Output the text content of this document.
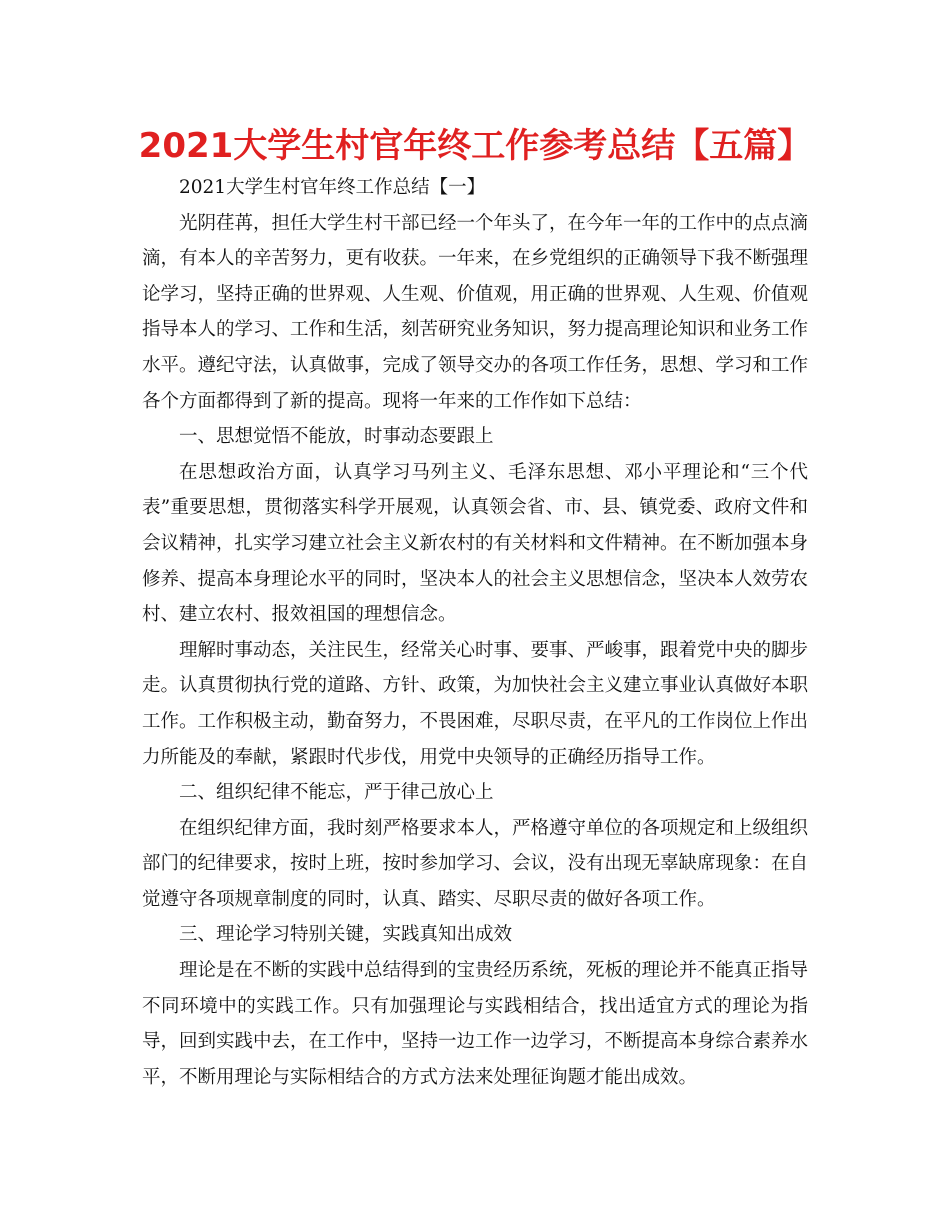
2021大学生村官年终工作参考总结【五篇】

2021大学生村官年终工作总结【一】

光阴荏苒，担任大学生村干部已经一个年头了，在今年一年的工作中的点点滴滴，有本人的辛苦努力，更有收获。一年来，在乡党组织的正确领导下我不断强理论学习，坚持正确的世界观、人生观、价值观，用正确的世界观、人生观、价值观指导本人的学习、工作和生活，刻苦研究业务知识，努力提高理论知识和业务工作水平。遵纪守法，认真做事，完成了领导交办的各项工作任务，思想、学习和工作各个方面都得到了新的提高。现将一年来的工作作如下总结：

一、思想觉悟不能放，时事动态要跟上

在思想政治方面，认真学习马列主义、毛泽东思想、邓小平理论和“三个代表”重要思想，贯彻落实科学开展观，认真领会省、市、县、镇党委、政府文件和会议精神，扎实学习建立社会主义新农村的有关材料和文件精神。在不断加强本身修养、提高本身理论水平的同时，坚决本人的社会主义思想信念，坚决本人效劳农村、建立农村、报效祖国的理想信念。

理解时事动态，关注民生，经常关心时事、要事、严峻事，跟着党中央的脚步走。认真贯彻执行党的道路、方针、政策，为加快社会主义建立事业认真做好本职工作。工作积极主动，勤奋努力，不畏困难，尽职尽责，在平凡的工作岗位上作出力所能及的奉献，紧跟时代步伐，用党中央领导的正确经历指导工作。

二、组织纪律不能忘，严于律己放心上

在组织纪律方面，我时刻严格要求本人，严格遵守单位的各项规定和上级组织部门的纪律要求，按时上班，按时参加学习、会议，没有出现无辜缺席现象：在自觉遵守各项规章制度的同时，认真、踏实、尽职尽责的做好各项工作。

三、理论学习特别关键，实践真知出成效

理论是在不断的实践中总结得到的宝贵经历系统，死板的理论并不能真正指导不同环境中的实践工作。只有加强理论与实践相结合，找出适宜方式的理论为指导，回到实践中去，在工作中，坚持一边工作一边学习，不断提高本身综合素养水平，不断用理论与实际相结合的方式方法来处理征询题才能出成效。
